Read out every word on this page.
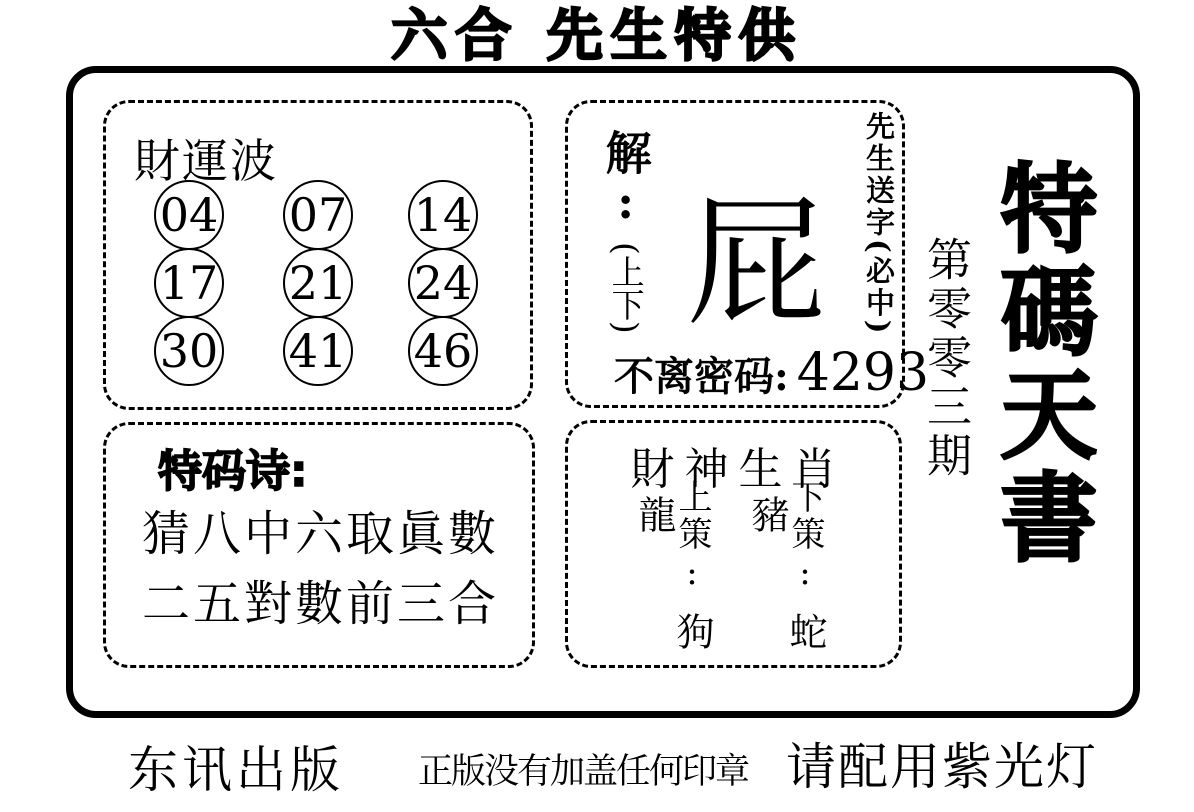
六合 先生特供
財運波
04 07 14
17 21 24
30 41 46
特码诗:
猜八中六取眞數
二五對數前三合
解: (上下) 屁	先生送字(必中)
不离密码: 4293
財神生肖
上策:狗龍	下策:蛇豬
第零零三期 特碼天書
东讯出版 正版没有加盖任何印章 请配用紫光灯
